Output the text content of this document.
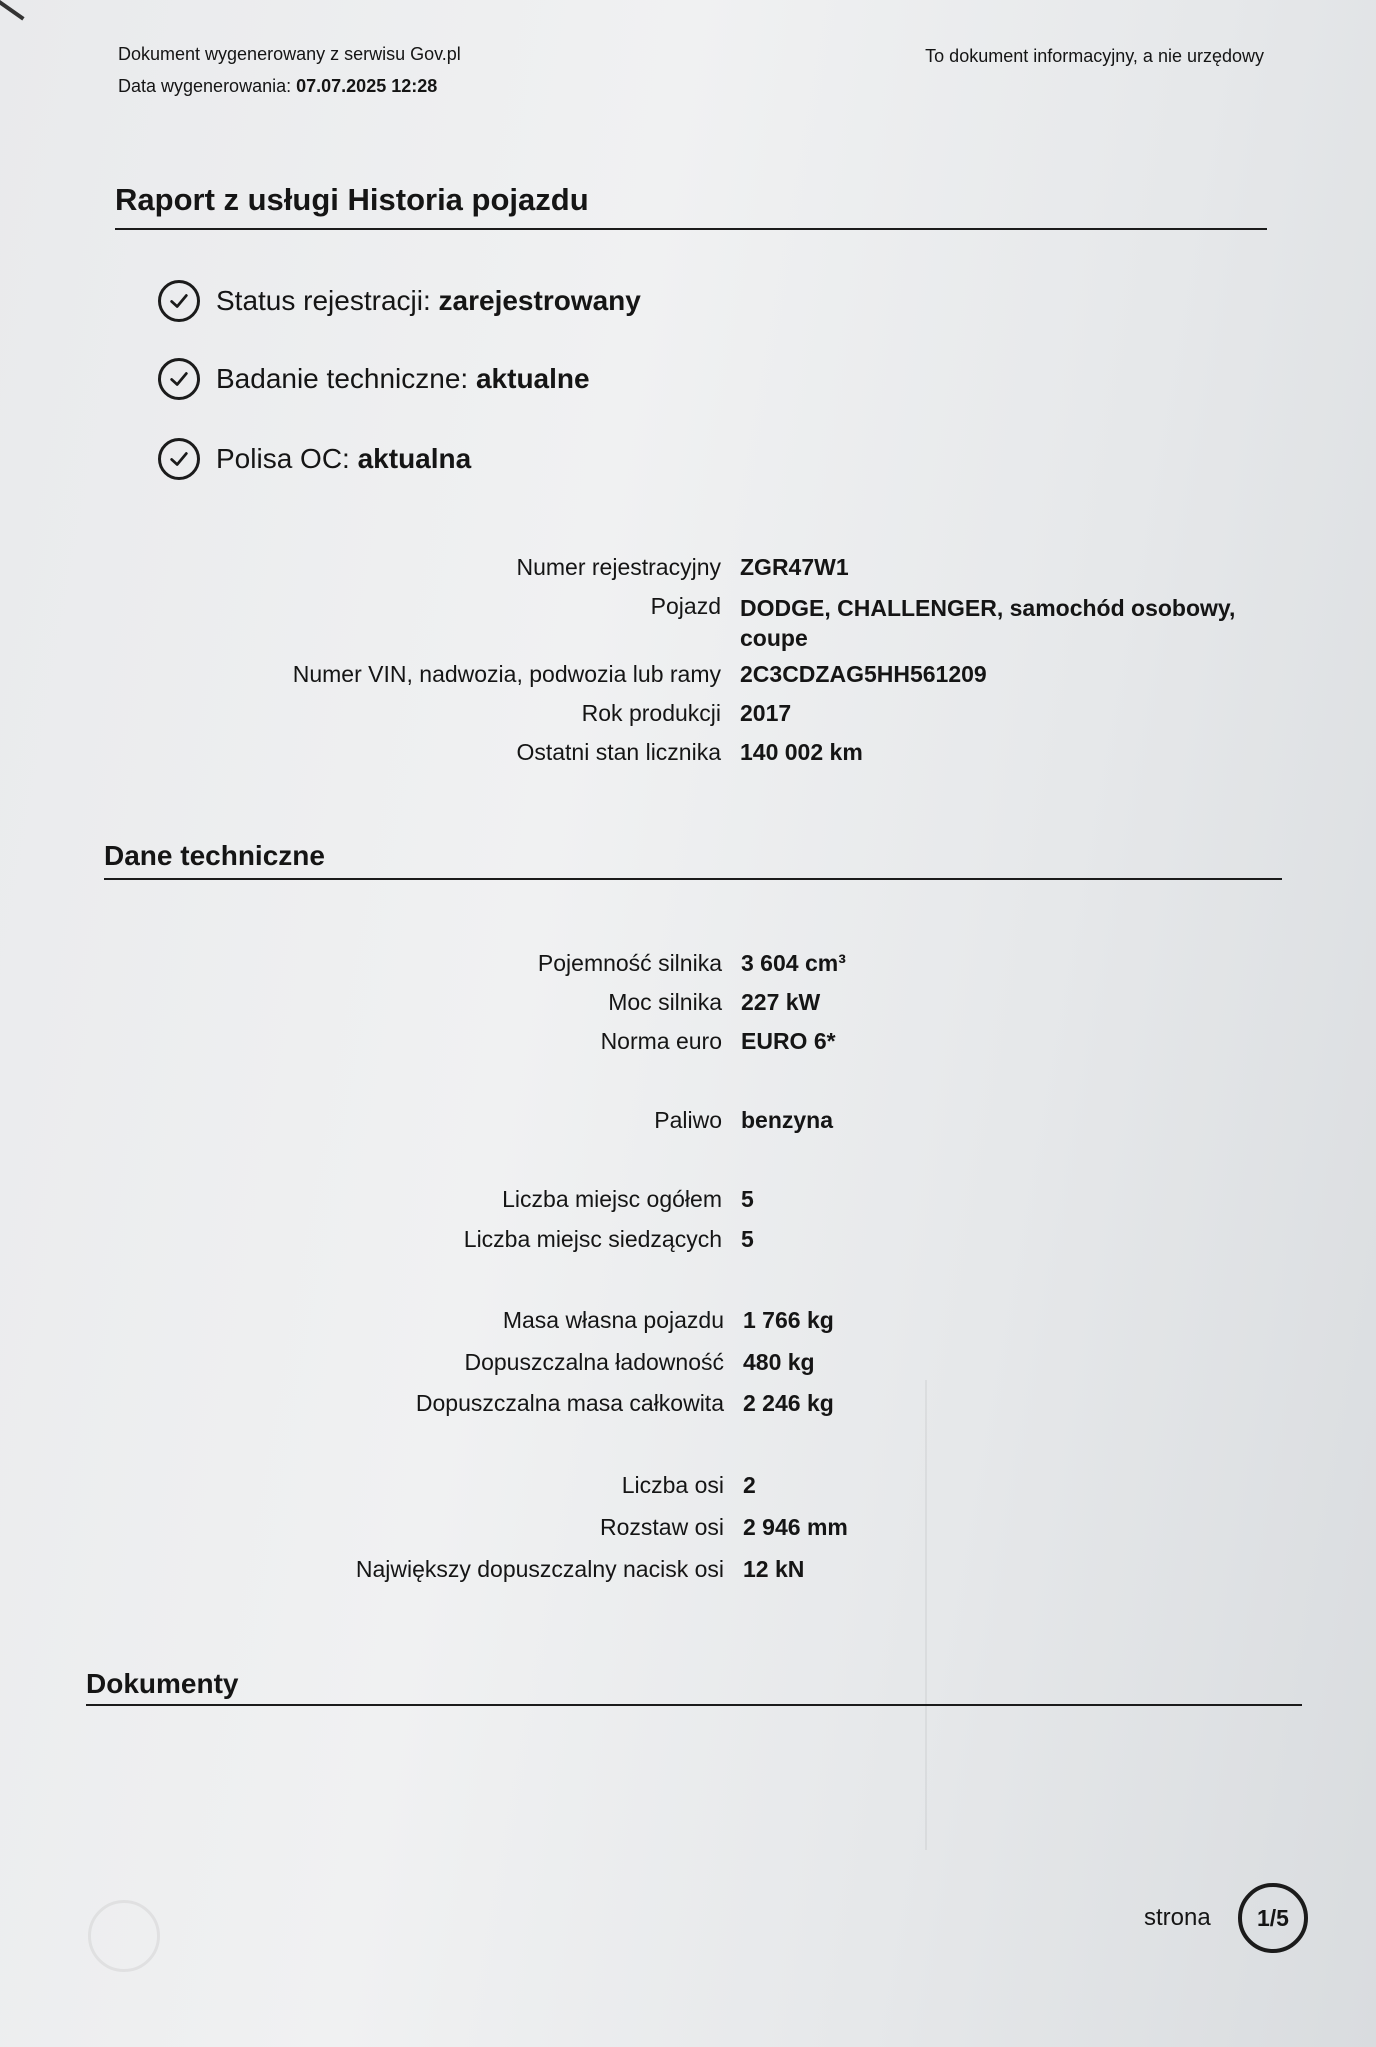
Dokument wygenerowany z serwisu Gov.pl
Data wygenerowania: 07.07.2025 12:28
To dokument informacyjny, a nie urzędowy
Raport z usługi Historia pojazdu
Status rejestracji:
zarejestrowany
Badanie techniczne:
aktualne
Polisa OC:
aktualna
Numer rejestracyjny ZGR47W1
Pojazd DODGE, CHALLENGER, samochód osobowy, coupe
Numer VIN, nadwozia, podwozia lub ramy 2C3CDZAG5HH561209
Rok produkcji 2017
Ostatni stan licznika 140 002 km
Dane techniczne
Pojemność silnika 3 604 cm³
Moc silnika 227 kW
Norma euro EURO 6*
Paliwo benzyna
Liczba miejsc ogółem 5
Liczba miejsc siedzących 5
Masa własna pojazdu 1 766 kg
Dopuszczalna ładowność 480 kg
Dopuszczalna masa całkowita 2 246 kg
Liczba osi 2
Rozstaw osi 2 946 mm
Największy dopuszczalny nacisk osi 12 kN
Dokumenty
strona	1/5
